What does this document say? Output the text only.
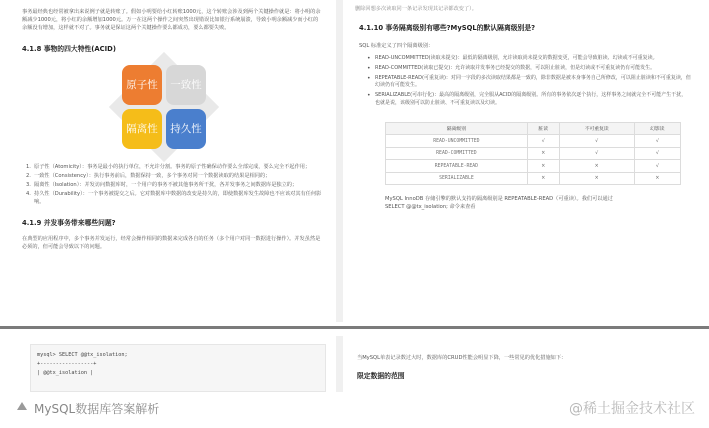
事务最经典也经常被拿出来说例子就是转账了。假如小明要给小红转账1000元，这个转账会涉及到两个关键操作就是：将小明的余额减少1000元，将小红的余额增加1000元。万一在这两个操作之间突然出现错误比如银行系统崩溃，导致小明余额减少而小红的余额没有增加，这样就不对了。事务就是保证这两个关键操作要么都成功，要么都要失败。

4.1.8 事物的四大特性(ACID)
原子性	一致性
隔离性	持久性
1. 原子性（Atomicity）：事务是最小的执行单位，不允许分割。事务的原子性确保动作要么全部完成，要么完全不起作用；
2. 一致性（Consistency）：执行事务前后，数据保持一致，多个事务对同一个数据读取的结果是相同的；
3. 隔离性（Isolation）：并发访问数据库时，一个用户的事务不被其他事务所干扰，各并发事务之间数据库是独立的；
4. 持久性（Durability）：一个事务被提交之后。它对数据库中数据的改变是持久的，即使数据库发生故障也不应该对其有任何影响。
4.1.9 并发事务带来哪些问题?

在典型的应用程序中，多个事务并发运行，经常会操作相同的数据来完成各自的任务（多个用户对同一数据进行操作）。并发虽然是必须的，但可能会导致以下的问题。

删除回想多次读取同一条记录发现其记录都改变了）。
4.1.10 事务隔离级别有哪些?MySQL的默认隔离级别是?
SQL 标准定义了四个隔离级别：
• READ-UNCOMMITTED(读取未提交)：最低的隔离级别，允许读取尚未提交的数据变更，可能会导致脏读、幻读或不可重复读。
• READ-COMMITTED(读取已提交)：允许读取并发事务已经提交的数据，可以阻止脏读，但是幻读或不可重复读仍有可能发生。
• REPEATABLE-READ(可重复读)：对同一字段的多次读取结果都是一致的，除非数据是被本身事务自己所修改，可以阻止脏读和不可重复读，但幻读仍有可能发生。
• SERIALIZABLE(可串行化)：最高的隔离级别，完全服从ACID的隔离级别。所有的事务依次逐个执行，这样事务之间就完全不可能产生干扰，也就是说，该级别可以防止脏读、不可重复读以及幻读。
隔离级别	脏读	不可重复读	幻影读
READ-UNCOMMITTED	√	√	√
READ-COMMITTED	×	√	√
REPEATABLE-READ	×	×	√
SERIALIZABLE	×	×	×
MySQL InnoDB 存储引擎的默认支持的隔离级别是 REPEATABLE-READ（可重读）。我们可以通过
SELECT @@tx_isolation; 命令来查看
mysql> SELECT @@tx_isolation;
+-----------------+
| @@tx_isolation |

当MySQL单表记录数过大时，数据库的CRUD性能会明显下降，一些常见的优化措施如下：

限定数据的范围
MySQL数据库答案解析	@稀土掘金技术社区
